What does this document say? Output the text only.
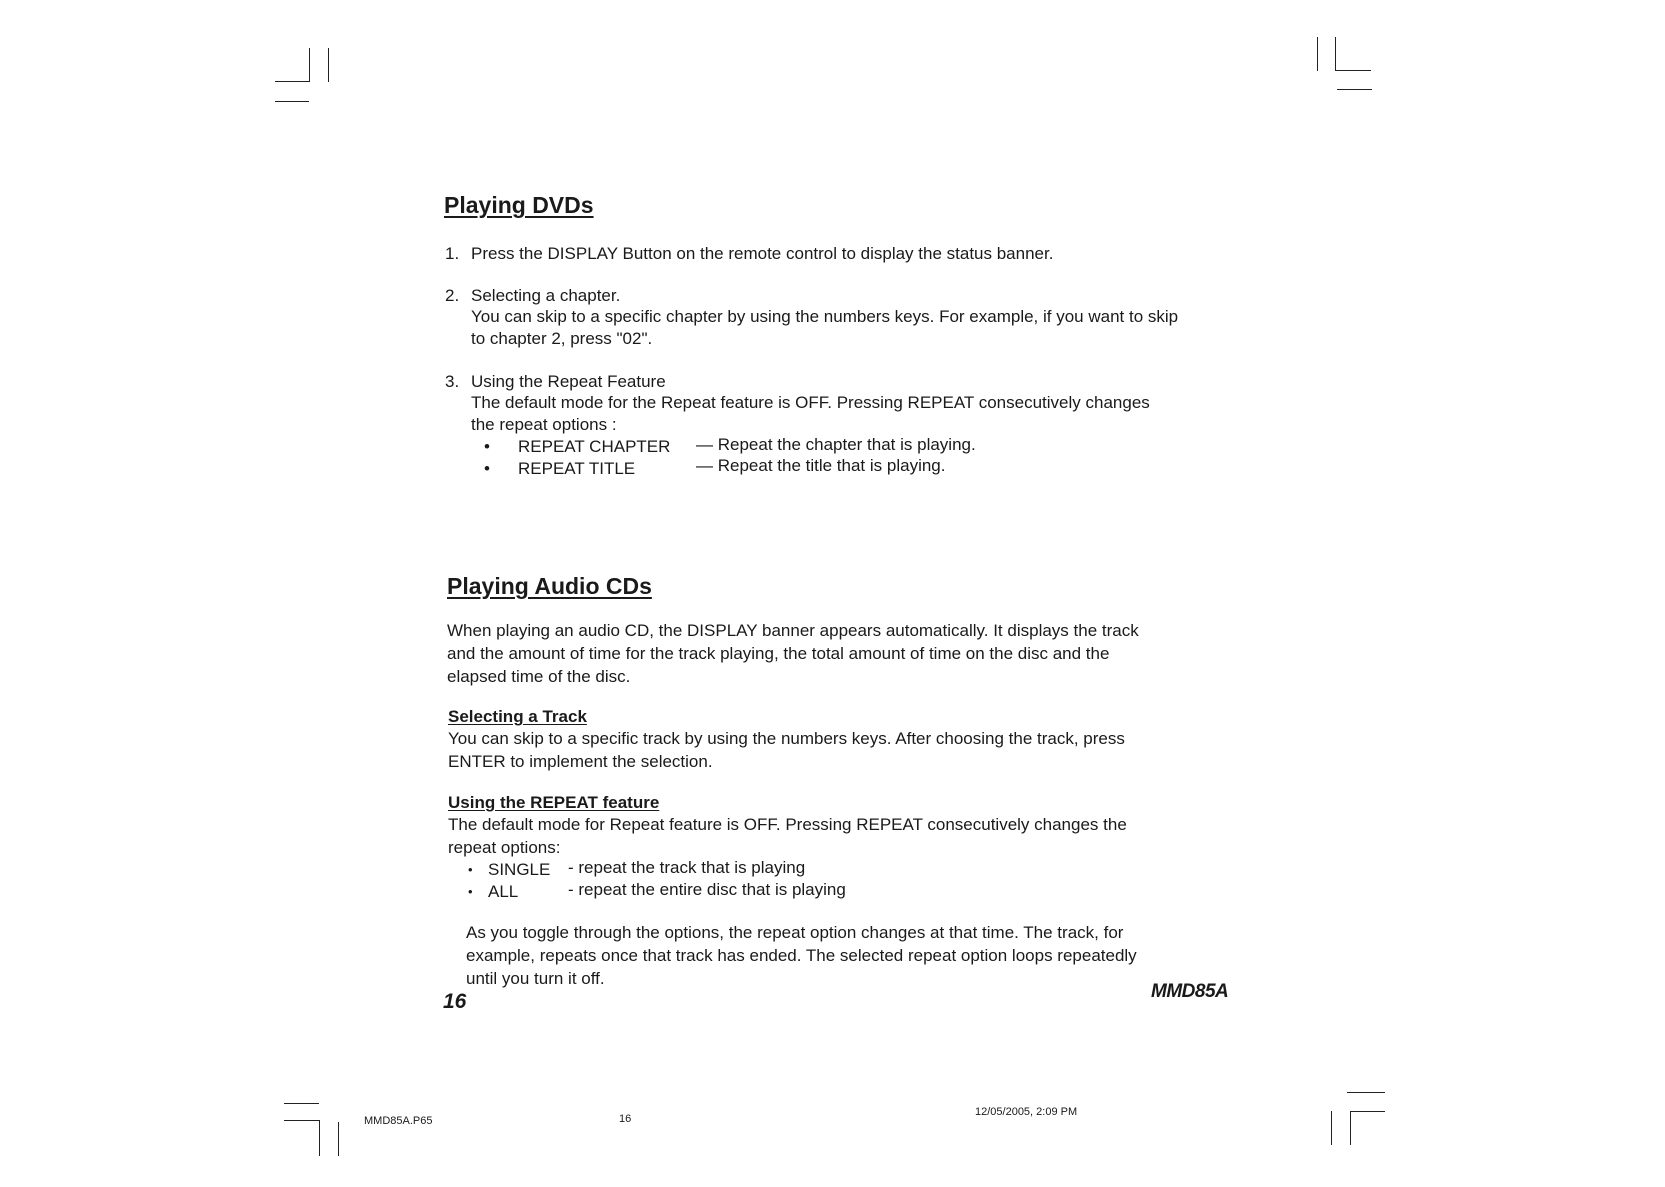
Playing DVDs
1. Press the DISPLAY Button on the remote control to display the status banner.
2. Selecting a chapter.
You can skip to a specific chapter by using the numbers keys. For example, if you want to skip
to chapter 2, press "02".
3. Using the Repeat Feature
The default mode for the Repeat feature is OFF. Pressing REPEAT consecutively changes
the repeat options :
• REPEAT CHAPTER — Repeat the chapter that is playing.
• REPEAT TITLE	— Repeat the title that is playing.
Playing Audio CDs
When playing an audio CD, the DISPLAY banner appears automatically. It displays the track
and the amount of time for the track playing, the total amount of time on the disc and the
elapsed time of the disc.
Selecting a Track
You can skip to a specific track by using the numbers keys. After choosing the track, press
ENTER to implement the selection.
Using the REPEAT feature
The default mode for Repeat feature is OFF. Pressing REPEAT consecutively changes the
repeat options:
• SINGLE - repeat the track that is playing
• ALL	- repeat the entire disc that is playing
As you toggle through the options, the repeat option changes at that time. The track, for
example, repeats once that track has ended. The selected repeat option loops repeatedly
until you turn it off.
16	MMD85A
MMD85A.P65	16
12/05/2005, 2:09 PM
